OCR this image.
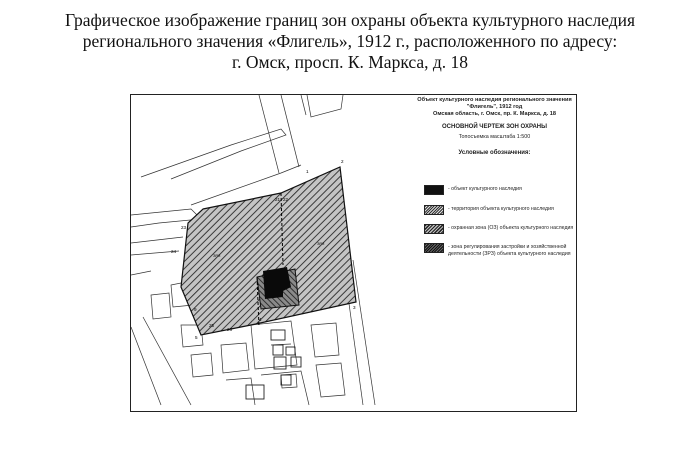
Графическое изображение границ зон охраны объекта культурного наследия
регионального значения «Флигель», 1912 г., расположенного по адресу:
г. Омск, просп. К. Маркса, д. 18
1
2
21 22
23
24
25
26
3
4
5
9
ЗРЗ
ЗРЗ
Объект культурного наследия регионального значения
"Флигель", 1912 год
Омская область, г. Омск, пр. К. Маркса, д. 18
ОСНОВНОЙ ЧЕРТЕЖ ЗОН ОХРАНЫ
Топосъемка масштаба 1:500
Условные обозначения:
- объект культурного наследия
- территория объекта культурного наследия
- охранная зона (ОЗ) объекта культурного наследия
- зона регулирования застройки и хозяйственной деятельности (ЗРЗ) объекта культурного наследия
